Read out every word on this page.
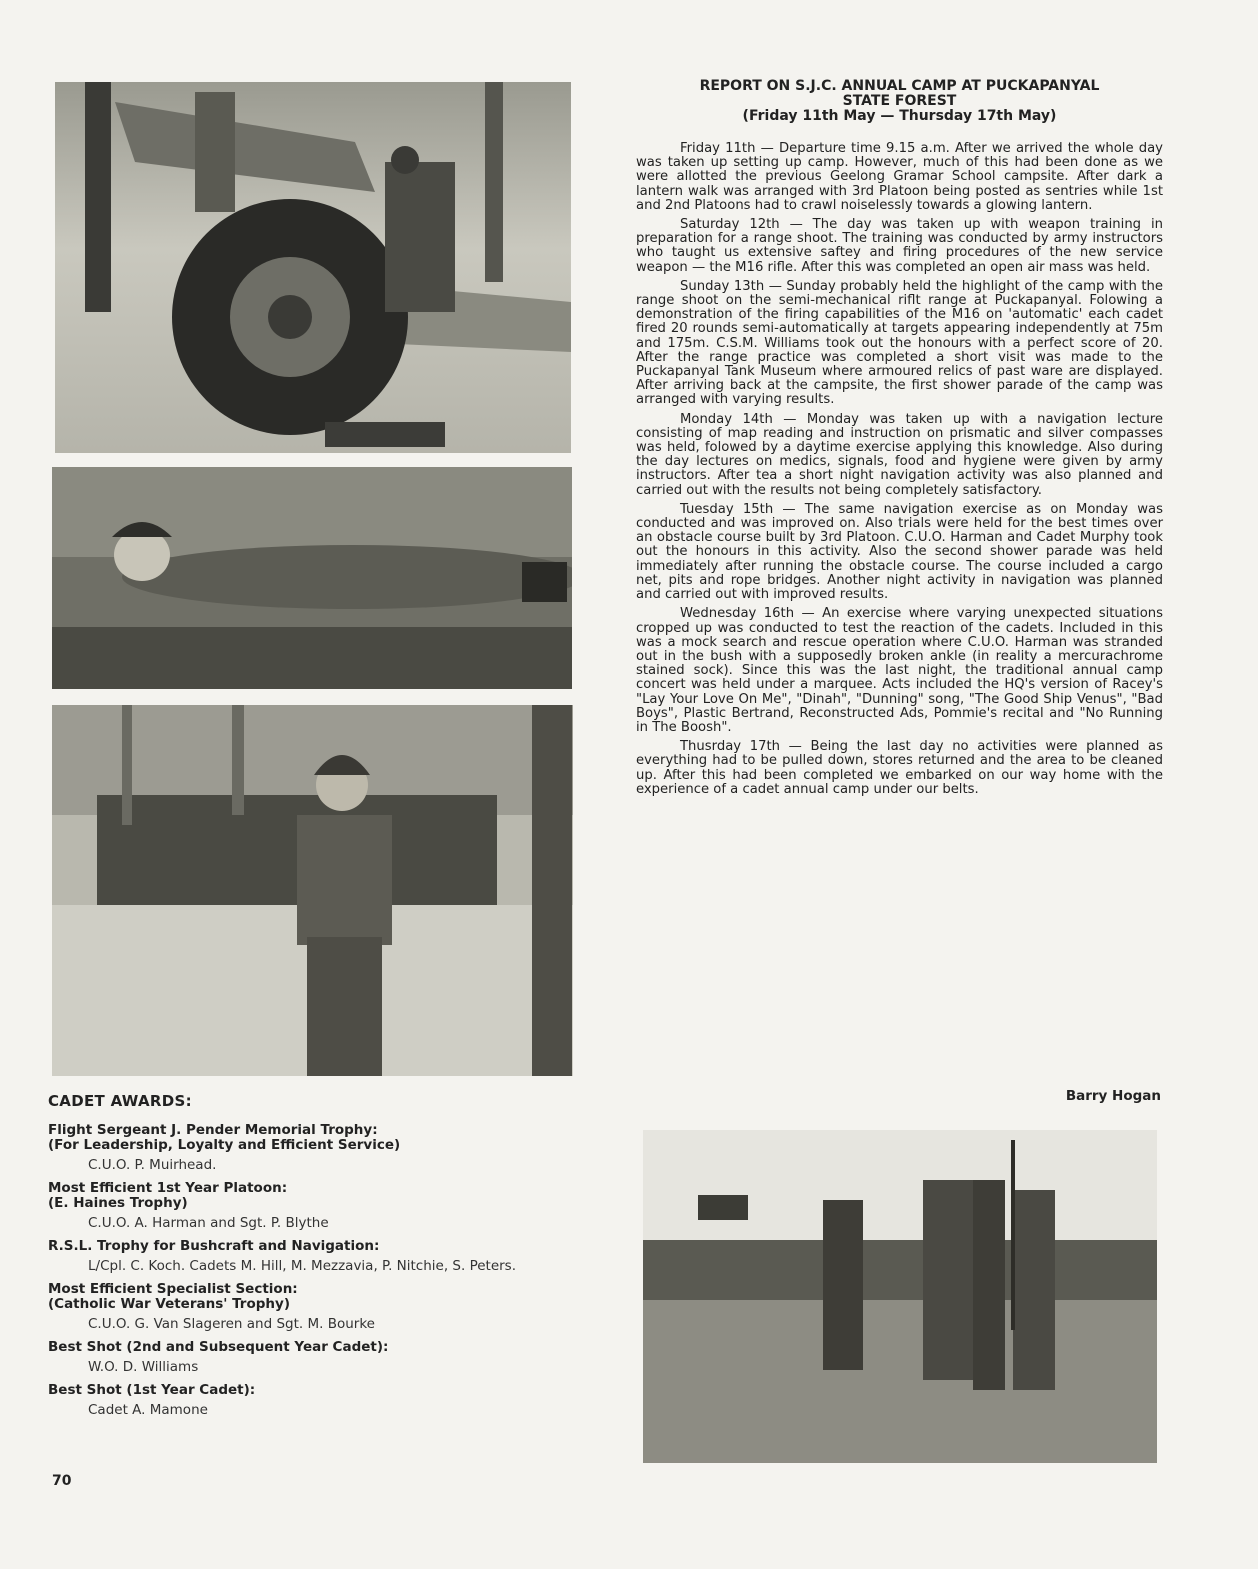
REPORT ON S.J.C. ANNUAL CAMP AT PUCKAPANYAL
STATE FOREST
(Friday 11th May — Thursday 17th May)

Friday 11th — Departure time 9.15 a.m. After we arrived the whole day was taken up setting up camp. However, much of this had been done as we were allotted the previous Geelong Gramar School campsite. After dark a lantern walk was arranged with 3rd Platoon being posted as sentries while 1st and 2nd Platoons had to crawl noiselessly towards a glowing lantern.

Saturday 12th — The day was taken up with weapon training in preparation for a range shoot. The training was conducted by army instructors who taught us extensive saftey and firing procedures of the new service weapon — the M16 rifle. After this was completed an open air mass was held.

Sunday 13th — Sunday probably held the highlight of the camp with the range shoot on the semi-mechanical riflt range at Puckapanyal. Folowing a demonstration of the firing capabilities of the M16 on 'automatic' each cadet fired 20 rounds semi-automatically at targets appearing independently at 75m and 175m. C.S.M. Williams took out the honours with a perfect score of 20. After the range practice was completed a short visit was made to the Puckapanyal Tank Museum where armoured relics of past ware are displayed. After arriving back at the campsite, the first shower parade of the camp was arranged with varying results.

Monday 14th — Monday was taken up with a navigation lecture consisting of map reading and instruction on prismatic and silver compasses was held, folowed by a daytime exercise applying this knowledge. Also during the day lectures on medics, signals, food and hygiene were given by army instructors. After tea a short night navigation activity was also planned and carried out with the results not being completely satisfactory.

Tuesday 15th — The same navigation exercise as on Monday was conducted and was improved on. Also trials were held for the best times over an obstacle course built by 3rd Platoon. C.U.O. Harman and Cadet Murphy took out the honours in this activity. Also the second shower parade was held immediately after running the obstacle course. The course included a cargo net, pits and rope bridges. Another night activity in navigation was planned and carried out with improved results.

Wednesday 16th — An exercise where varying unexpected situations cropped up was conducted to test the reaction of the cadets. Included in this was a mock search and rescue operation where C.U.O. Harman was stranded out in the bush with a supposedly broken ankle (in reality a mercurachrome stained sock). Since this was the last night, the traditional annual camp concert was held under a marquee. Acts included the HQ's version of Racey's "Lay Your Love On Me", "Dinah", "Dunning" song, "The Good Ship Venus", "Bad Boys", Plastic Bertrand, Reconstructed Ads, Pommie's recital and "No Running in The Boosh".

Thusrday 17th — Being the last day no activities were planned as everything had to be pulled down, stores returned and the area to be cleaned up. After this had been completed we embarked on our way home with the experience of a cadet annual camp under our belts.

Barry Hogan
CADET AWARDS:

Flight Sergeant J. Pender Memorial Trophy:

(For Leadership, Loyalty and Efficient Service)

C.U.O. P. Muirhead.

Most Efficient 1st Year Platoon:

(E. Haines Trophy)

C.U.O. A. Harman and Sgt. P. Blythe

R.S.L. Trophy for Bushcraft and Navigation:

L/Cpl. C. Koch. Cadets M. Hill, M. Mezzavia, P. Nitchie, S. Peters.

Most Efficient Specialist Section:

(Catholic War Veterans' Trophy)

C.U.O. G. Van Slageren and Sgt. M. Bourke

Best Shot (2nd and Subsequent Year Cadet):

W.O. D. Williams

Best Shot (1st Year Cadet):

Cadet A. Mamone

70
